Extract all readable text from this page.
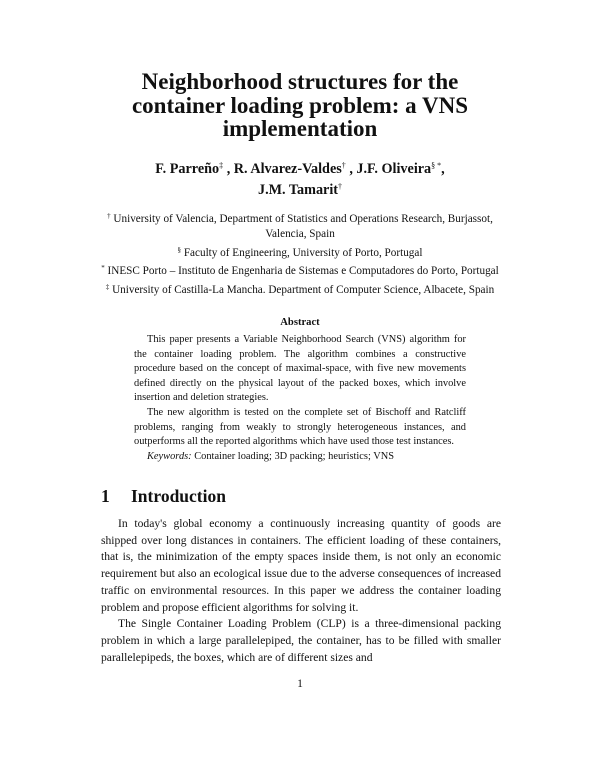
Neighborhood structures for the
container loading problem: a VNS
implementation
F. Parreño‡ , R. Alvarez-Valdes† , J.F. Oliveira§ *,
J.M. Tamarit†
† University of Valencia, Department of Statistics and Operations Research, Burjassot, Valencia, Spain
§ Faculty of Engineering, University of Porto, Portugal
* INESC Porto – Instituto de Engenharia de Sistemas e Computadores do Porto, Portugal
‡ University of Castilla-La Mancha. Department of Computer Science, Albacete, Spain
Abstract

This paper presents a Variable Neighborhood Search (VNS) algorithm for the container loading problem. The algorithm combines a constructive procedure based on the concept of maximal-space, with five new movements defined directly on the physical layout of the packed boxes, which involve insertion and deletion strategies.

The new algorithm is tested on the complete set of Bischoff and Ratcliff problems, ranging from weakly to strongly heterogeneous instances, and outperforms all the reported algorithms which have used those test instances.

Keywords: Container loading; 3D packing; heuristics; VNS

1 Introduction

In today's global economy a continuously increasing quantity of goods are shipped over long distances in containers. The efficient loading of these containers, that is, the minimization of the empty spaces inside them, is not only an economic requirement but also an ecological issue due to the adverse consequences of increased traffic on environmental resources. In this paper we address the container loading problem and propose efficient algorithms for solving it.

The Single Container Loading Problem (CLP) is a three-dimensional packing problem in which a large parallelepiped, the container, has to be filled with smaller parallelepipeds, the boxes, which are of different sizes and

1
